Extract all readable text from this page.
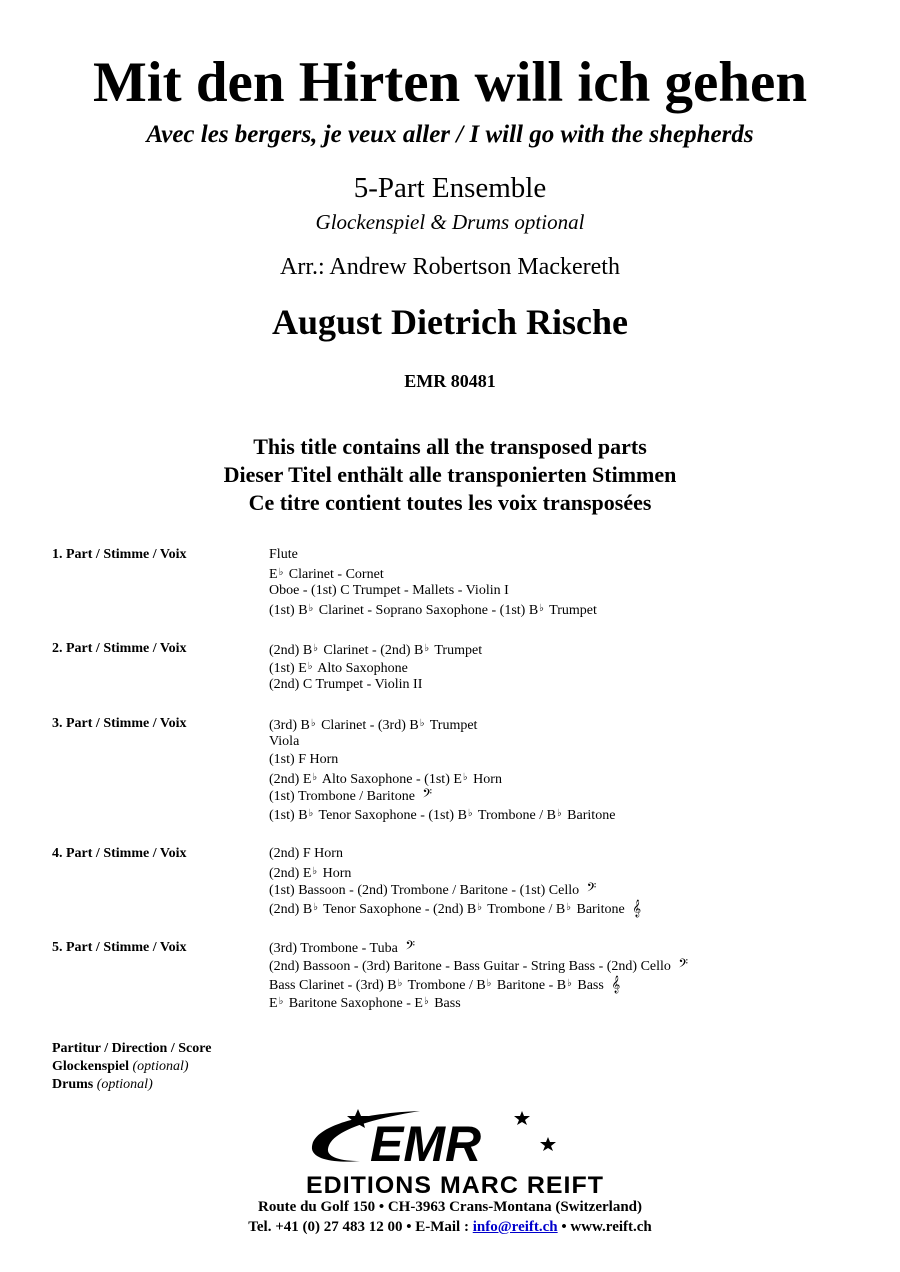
Mit den Hirten will ich gehen
Avec les bergers, je veux aller / I will go with the shepherds
5-Part Ensemble
Glockenspiel & Drums optional
Arr.: Andrew Robertson Mackereth
August Dietrich Rische
EMR 80481
This title contains all the transposed parts
Dieser Titel enthält alle transponierten Stimmen
Ce titre contient toutes les voix transposées
1. Part / Stimme / Voix	Flute
E♭ Clarinet - Cornet
Oboe - (1st) C Trumpet - Mallets - Violin I
(1st) B♭ Clarinet - Soprano Saxophone - (1st) B♭ Trumpet
2. Part / Stimme / Voix	(2nd) B♭ Clarinet - (2nd) B♭ Trumpet
(1st) E♭ Alto Saxophone
(2nd) C Trumpet - Violin II
3. Part / Stimme / Voix	(3rd) B♭ Clarinet - (3rd) B♭ Trumpet
Viola
(1st) F Horn
(2nd) E♭ Alto Saxophone - (1st) E♭ Horn
(1st) Trombone / Baritone 𝄢
(1st) B♭ Tenor Saxophone - (1st) B♭ Trombone / B♭ Baritone
4. Part / Stimme / Voix	(2nd) F Horn
(2nd) E♭ Horn
(1st) Bassoon - (2nd) Trombone / Baritone - (1st) Cello 𝄢
(2nd) B♭ Tenor Saxophone - (2nd) B♭ Trombone / B♭ Baritone 𝄞
5. Part / Stimme / Voix	(3rd) Trombone - Tuba 𝄢
(2nd) Bassoon - (3rd) Baritone - Bass Guitar - String Bass - (2nd) Cello 𝄢
Bass Clarinet - (3rd) B♭ Trombone / B♭ Baritone - B♭ Bass 𝄞
E♭ Baritone Saxophone - E♭ Bass
Partitur / Direction / Score
Glockenspiel (optional)
Drums (optional)
EMR
EDITIONS MARC REIFT
Route du Golf 150 • CH-3963 Crans-Montana (Switzerland)
Tel. +41 (0) 27 483 12 00 • E-Mail : info@reift.ch • www.reift.ch
